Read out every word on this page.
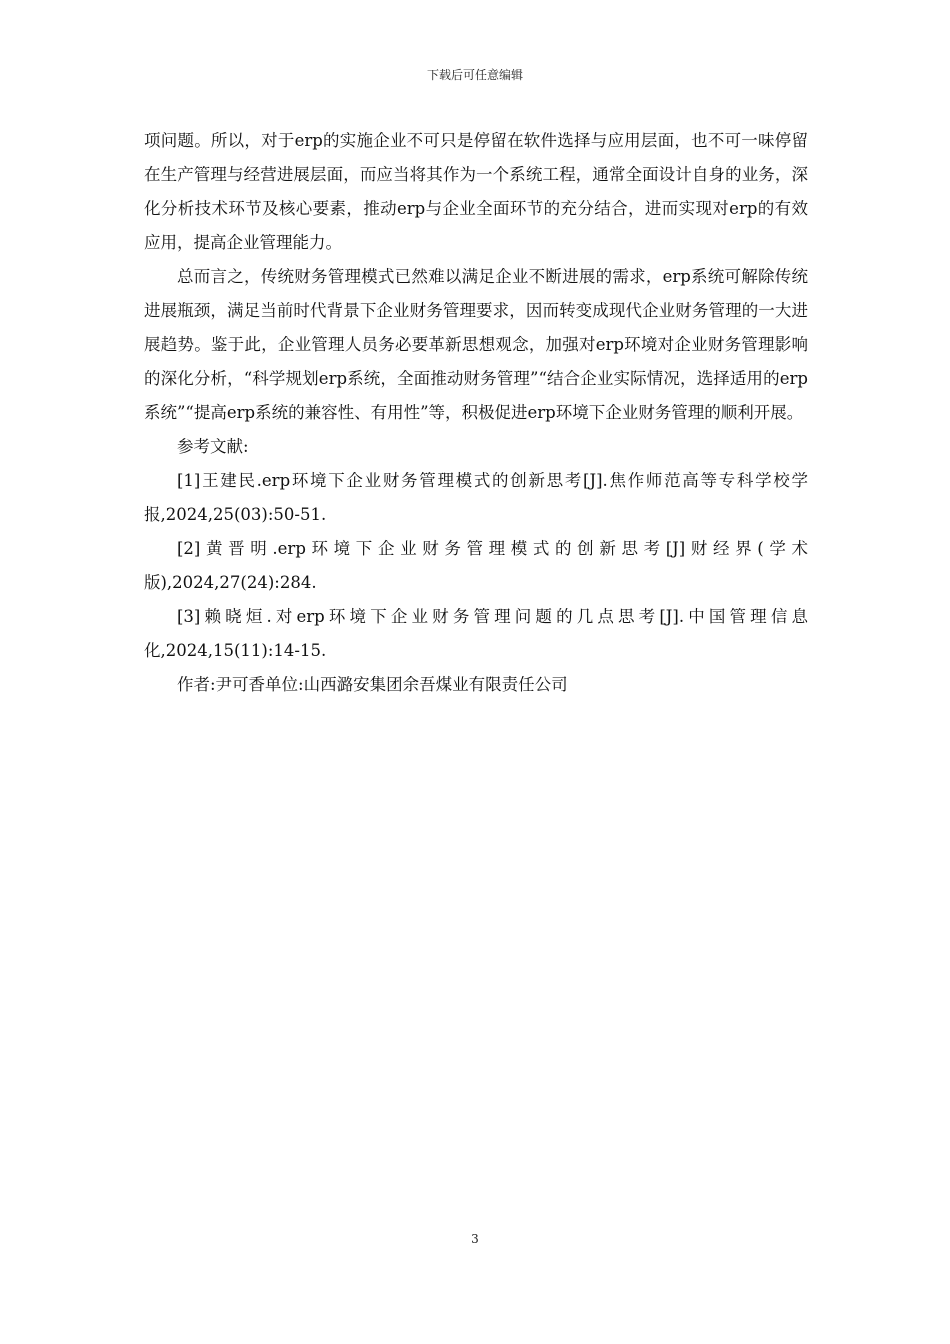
下载后可任意编辑

项问题。所以，对于erp的实施企业不可只是停留在软件选择与应用层面，也不可一味停留在生产管理与经营进展层面，而应当将其作为一个系统工程，通常全面设计自身的业务，深化分析技术环节及核心要素，推动erp与企业全面环节的充分结合，进而实现对erp的有效应用，提高企业管理能力。

总而言之，传统财务管理模式已然难以满足企业不断进展的需求，erp系统可解除传统进展瓶颈，满足当前时代背景下企业财务管理要求，因而转变成现代企业财务管理的一大进展趋势。鉴于此，企业管理人员务必要革新思想观念，加强对erp环境对企业财务管理影响的深化分析，“科学规划erp系统，全面推动财务管理”“结合企业实际情况，选择适用的erp系统”“提高erp系统的兼容性、有用性”等，积极促进erp环境下企业财务管理的顺利开展。

参考文献:

[1]王建民.erp环境下企业财务管理模式的创新思考[J].焦作师范高等专科学校学报,2024,25(03):50-51.

[2]黄晋明.erp环境下企业财务管理模式的创新思考[J]财经界(学术版),2024,27(24):284.

[3]赖晓烜.对erp环境下企业财务管理问题的几点思考[J].中国管理信息化,2024,15(11):14-15.

作者:尹可香单位:山西潞安集团余吾煤业有限责任公司

3
